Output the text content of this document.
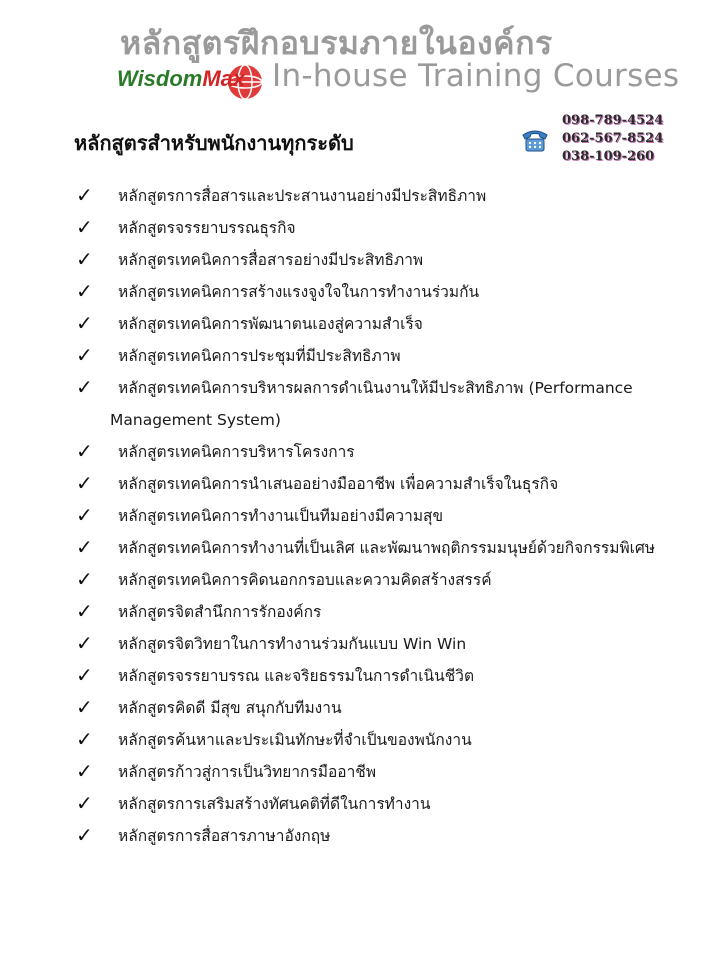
หลักสูตรฝึกอบรมภายในองค์กร
WisdomMax In-house Training Courses
หลักสูตรสำหรับพนักงานทุกระดับ
098-789-4524
062-567-8524
038-109-260
✓ หลักสูตรการสื่อสารและประสานงานอย่างมีประสิทธิภาพ
✓ หลักสูตรจรรยาบรรณธุรกิจ
✓ หลักสูตรเทคนิคการสื่อสารอย่างมีประสิทธิภาพ
✓ หลักสูตรเทคนิคการสร้างแรงจูงใจในการทำงานร่วมกัน
✓ หลักสูตรเทคนิคการพัฒนาตนเองสู่ความสำเร็จ
✓ หลักสูตรเทคนิคการประชุมที่มีประสิทธิภาพ
✓ หลักสูตรเทคนิคการบริหารผลการดำเนินงานให้มีประสิทธิภาพ (Performance
Management System)
✓ หลักสูตรเทคนิคการบริหารโครงการ
✓ หลักสูตรเทคนิคการนำเสนออย่างมืออาชีพ เพื่อความสำเร็จในธุรกิจ
✓ หลักสูตรเทคนิคการทำงานเป็นทีมอย่างมีความสุข
✓ หลักสูตรเทคนิคการทำงานที่เป็นเลิศ และพัฒนาพฤติกรรมมนุษย์ด้วยกิจกรรมพิเศษ
✓ หลักสูตรเทคนิคการคิดนอกกรอบและความคิดสร้างสรรค์
✓ หลักสูตรจิตสำนึกการรักองค์กร
✓ หลักสูตรจิตวิทยาในการทำงานร่วมกันแบบ Win Win
✓ หลักสูตรจรรยาบรรณ และจริยธรรมในการดำเนินชีวิต
✓ หลักสูตรคิดดี มีสุข สนุกกับทีมงาน
✓ หลักสูตรค้นหาและประเมินทักษะที่จำเป็นของพนักงาน
✓ หลักสูตรก้าวสู่การเป็นวิทยากรมืออาชีพ
✓ หลักสูตรการเสริมสร้างทัศนคติที่ดีในการทำงาน
✓ หลักสูตรการสื่อสารภาษาอังกฤษ
